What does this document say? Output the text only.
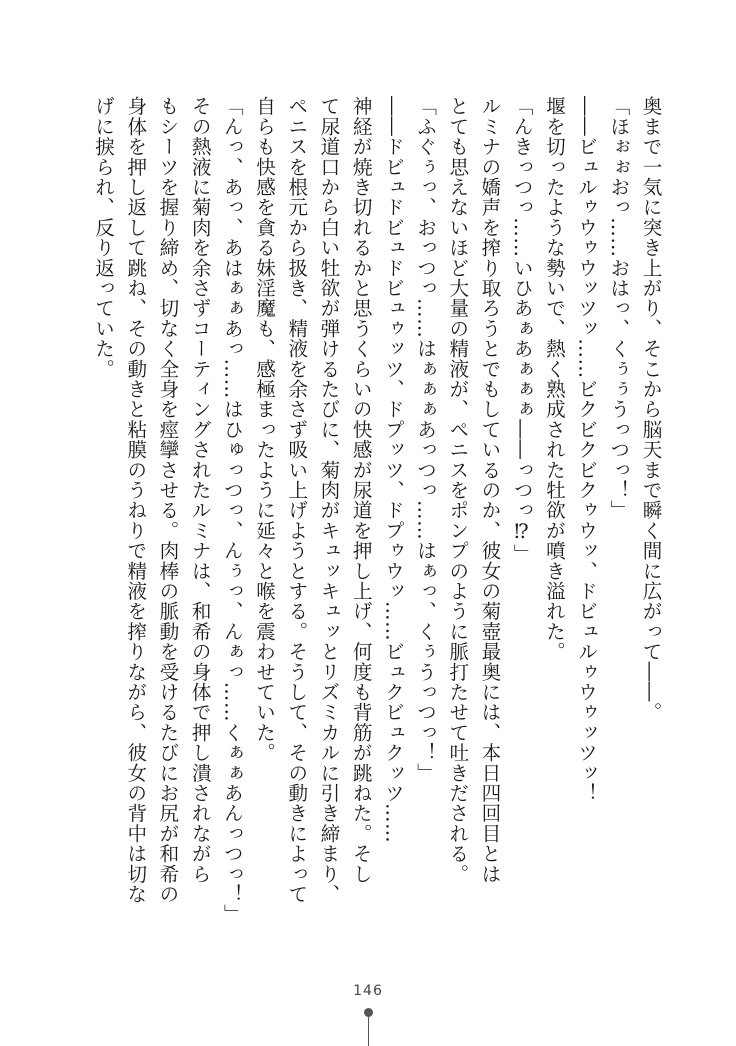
奥まで一気に突き上がり、そこから脳天まで瞬く間に広がって――。
「ほぉぉおっ……おはっ、くぅぅうっつっ！」
――ビュルゥウゥウッツッ……ビクビクビクゥウッ、ドビュルゥウゥッツッ！
堰を切ったような勢いで、熱く熟成された牡欲が噴き溢れた。
「んきっつっ……いひあぁあぁぁぁ――っつっ⁉」
ルミナの嬌声を搾り取ろうとでもしているのか、彼女の菊壺最奥には、本日四回目とは
とても思えないほど大量の精液が、ペニスをポンプのように脈打たせて吐きだされる。
「ふぐぅっ、おっつっ……はぁぁぁあっつっ……はぁっ、くぅうっつっ！」
――ドビュドビュドビュゥッツ、ドプッツ、ドプゥウッ……ビュクビュクッツ……
神経が焼き切れるかと思うくらいの快感が尿道を押し上げ、何度も背筋が跳ねた。そし
て尿道口から白い牡欲が弾けるたびに、菊肉がキュッキュッとリズミカルに引き締まり、
ペニスを根元から扱き、精液を余さず吸い上げようとする。そうして、その動きによって
自らも快感を貪る妹淫魔も、感極まったように延々と喉を震わせていた。
「んっ、あっ、あはぁぁあっ……はひゅっつっ、んぅっ、んぁっ……くぁぁあんっつっ！」
その熱液に菊肉を余さずコーティングされたルミナは、和希の身体で押し潰されながら
もシーツを握り締め、切なく全身を痙攣させる。肉棒の脈動を受けるたびにお尻が和希の
身体を押し返して跳ね、その動きと粘膜のうねりで精液を搾りながら、彼女の背中は切な
げに捩られ、反り返っていた。
146
